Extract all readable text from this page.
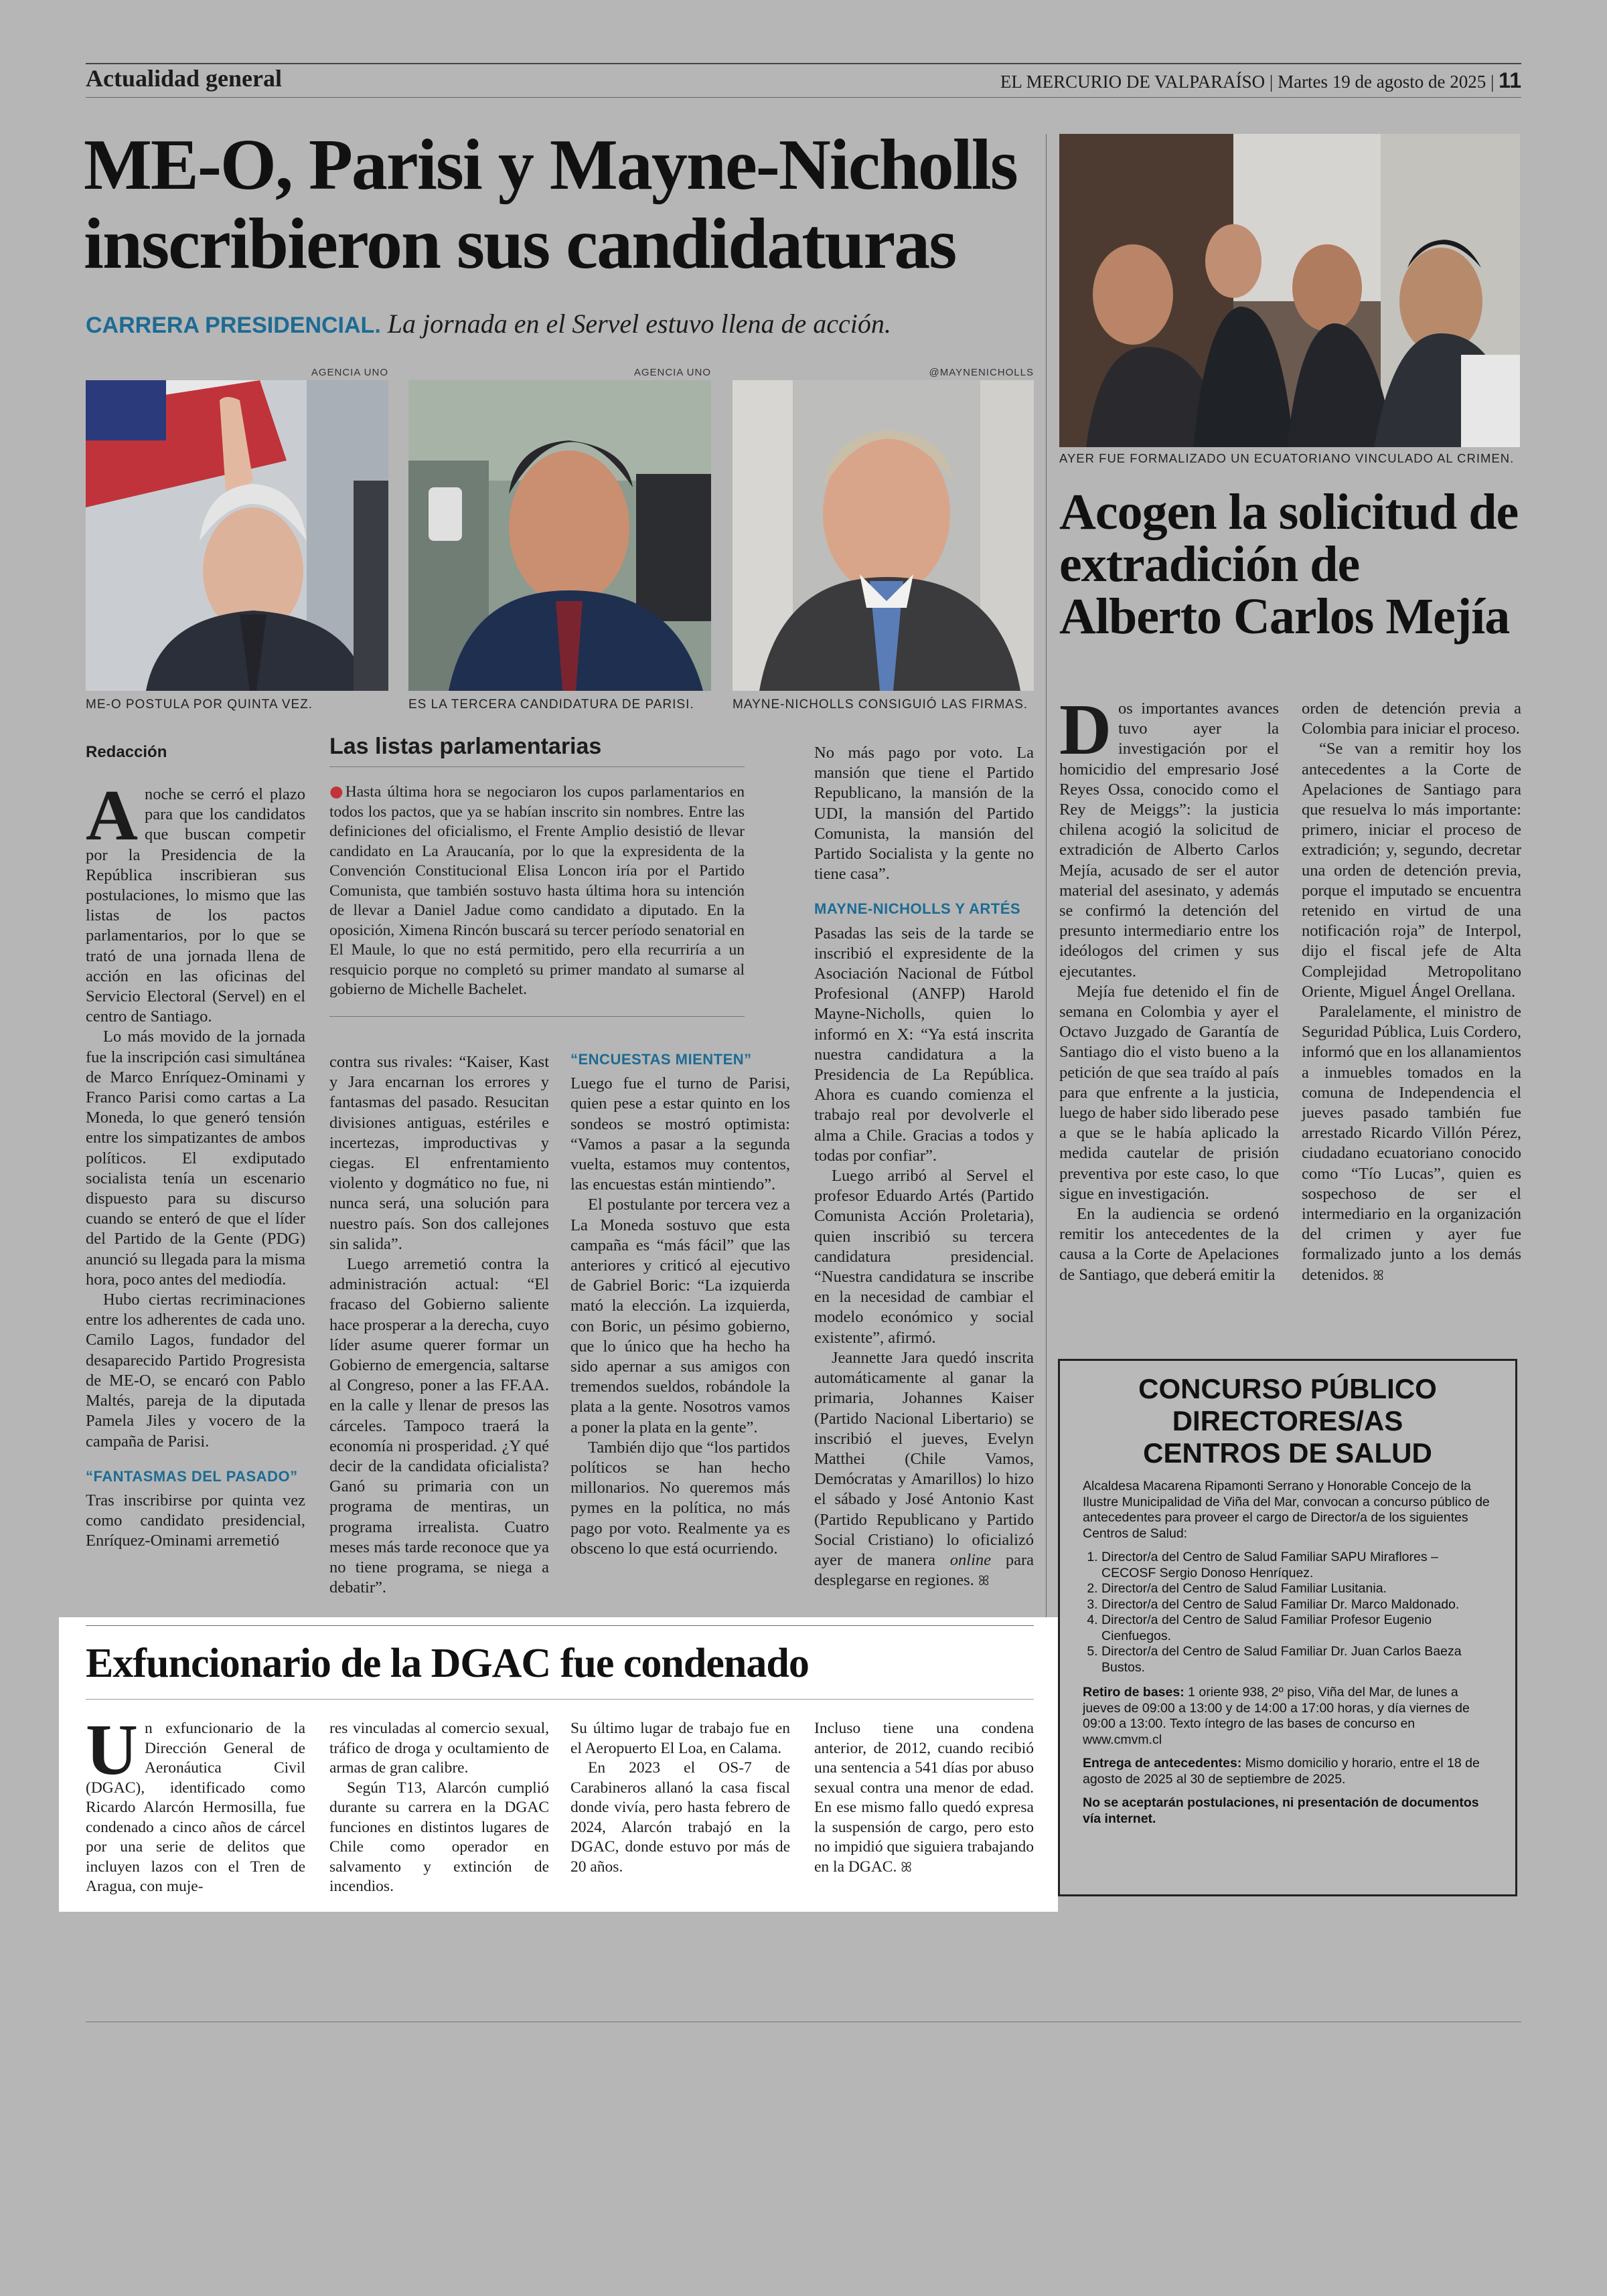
Actualidad general	EL MERCURIO DE VALPARAÍSO | Martes 19 de agosto de 2025 | 11
ME-O, Parisi y Mayne-Nicholls inscribieron sus candidaturas
CARRERA PRESIDENCIAL. La jornada en el Servel estuvo llena de acción.
AGENCIA UNO	AGENCIA UNO	@MAYNENICHOLLS
ME-O POSTULA POR QUINTA VEZ.	ES LA TERCERA CANDIDATURA DE PARISI.	MAYNE-NICHOLLS CONSIGUIÓ LAS FIRMAS.
Redacción

Anoche se cerró el plazo para que los candidatos que buscan competir por la Presidencia de la República inscribieran sus postulaciones, lo mismo que las listas de los pactos parlamentarios, por lo que se trató de una jornada llena de acción en las oficinas del Servicio Electoral (Servel) en el centro de Santiago.

Lo más movido de la jornada fue la inscripción casi simultánea de Marco Enríquez-Ominami y Franco Parisi como cartas a La Moneda, lo que generó tensión entre los simpatizantes de ambos políticos. El exdiputado socialista tenía un escenario dispuesto para su discurso cuando se enteró de que el líder del Partido de la Gente (PDG) anunció su llegada para la misma hora, poco antes del mediodía.

Hubo ciertas recriminaciones entre los adherentes de cada uno. Camilo Lagos, fundador del desaparecido Partido Progresista de ME-O, se encaró con Pablo Maltés, pareja de la diputada Pamela Jiles y vocero de la campaña de Parisi.

“FANTASMAS DEL PASADO”

Tras inscribirse por quinta vez como candidato presidencial, Enríquez-Ominami arremetió

Las listas parlamentarias

●Hasta última hora se negociaron los cupos parlamentarios en todos los pactos, que ya se habían inscrito sin nombres. Entre las definiciones del oficialismo, el Frente Amplio desistió de llevar candidato en La Araucanía, por lo que la expresidenta de la Convención Constitucional Elisa Loncon iría por el Partido Comunista, que también sostuvo hasta última hora su intención de llevar a Daniel Jadue como candidato a diputado. En la oposición, Ximena Rincón buscará su tercer período senatorial en El Maule, lo que no está permitido, pero ella recurriría a un resquicio porque no completó su primer mandato al sumarse al gobierno de Michelle Bachelet.

contra sus rivales: “Kaiser, Kast y Jara encarnan los errores y fantasmas del pasado. Resucitan divisiones antiguas, estériles e incertezas, improductivas y ciegas. El enfrentamiento violento y dogmático no fue, ni nunca será, una solución para nuestro país. Son dos callejones sin salida”.

Luego arremetió contra la administración actual: “El fracaso del Gobierno saliente hace prosperar a la derecha, cuyo líder asume querer formar un Gobierno de emergencia, saltarse al Congreso, poner a las FF.AA. en la calle y llenar de presos las cárceles. Tampoco traerá la economía ni prosperidad. ¿Y qué decir de la candidata oficialista? Ganó su primaria con un programa de mentiras, un programa irrealista. Cuatro meses más tarde reconoce que ya no tiene programa, se niega a debatir”.

“ENCUESTAS MIENTEN”

Luego fue el turno de Parisi, quien pese a estar quinto en los sondeos se mostró optimista: “Vamos a pasar a la segunda vuelta, estamos muy contentos, las encuestas están mintiendo”.

El postulante por tercera vez a La Moneda sostuvo que esta campaña es “más fácil” que las anteriores y criticó al ejecutivo de Gabriel Boric: “La izquierda mató la elección. La izquierda, con Boric, un pésimo gobierno, que lo único que ha hecho ha sido apernar a sus amigos con tremendos sueldos, robándole la plata a la gente. Nosotros vamos a poner la plata en la gente”.

También dijo que “los partidos políticos se han hecho millonarios. No queremos más pymes en la política, no más pago por voto. Realmente ya es obsceno lo que está ocurriendo.

No más pago por voto. La mansión que tiene el Partido Republicano, la mansión de la UDI, la mansión del Partido Comunista, la mansión del Partido Socialista y la gente no tiene casa”.

MAYNE-NICHOLLS Y ARTÉS

Pasadas las seis de la tarde se inscribió el expresidente de la Asociación Nacional de Fútbol Profesional (ANFP) Harold Mayne-Nicholls, quien lo informó en X: “Ya está inscrita nuestra candidatura a la Presidencia de La República. Ahora es cuando comienza el trabajo real por devolverle el alma a Chile. Gracias a todos y todas por confiar”.

Luego arribó al Servel el profesor Eduardo Artés (Partido Comunista Acción Proletaria), quien inscribió su tercera candidatura presidencial. “Nuestra candidatura se inscribe en la necesidad de cambiar el modelo económico y social existente”, afirmó.

Jeannette Jara quedó inscrita automáticamente al ganar la primaria, Johannes Kaiser (Partido Nacional Libertario) se inscribió el jueves, Evelyn Matthei (Chile Vamos, Demócratas y Amarillos) lo hizo el sábado y José Antonio Kast (Partido Republicano y Partido Social Cristiano) lo oficializó ayer de manera online para desplegarse en regiones. ꕤ

AYER FUE FORMALIZADO UN ECUATORIANO VINCULADO AL CRIMEN.
Acogen la solicitud de extradición de Alberto Carlos Mejía

Dos importantes avances tuvo ayer la investigación por el homicidio del empresario José Reyes Ossa, conocido como el Rey de Meiggs”: la justicia chilena acogió la solicitud de extradición de Alberto Carlos Mejía, acusado de ser el autor material del asesinato, y además se confirmó la detención del presunto intermediario entre los ideólogos del crimen y sus ejecutantes.

Mejía fue detenido el fin de semana en Colombia y ayer el Octavo Juzgado de Garantía de Santiago dio el visto bueno a la petición de que sea traído al país para que enfrente a la justicia, luego de haber sido liberado pese a que se le había aplicado la medida cautelar de prisión preventiva por este caso, lo que sigue en investigación.

En la audiencia se ordenó remitir los antecedentes de la causa a la Corte de Apelaciones de Santiago, que deberá emitir la

orden de detención previa a Colombia para iniciar el proceso.

“Se van a remitir hoy los antecedentes a la Corte de Apelaciones de Santiago para que resuelva lo más importante: primero, iniciar el proceso de extradición; y, segundo, decretar una orden de detención previa, porque el imputado se encuentra retenido en virtud de una notificación roja” de Interpol, dijo el fiscal jefe de Alta Complejidad Metropolitano Oriente, Miguel Ángel Orellana.

Paralelamente, el ministro de Seguridad Pública, Luis Cordero, informó que en los allanamientos a inmuebles tomados en la comuna de Independencia el jueves pasado también fue arrestado Ricardo Villón Pérez, ciudadano ecuatoriano conocido como “Tío Lucas”, quien es sospechoso de ser el intermediario en la organización del crimen y ayer fue formalizado junto a los demás detenidos. ꕤ

CONCURSO PÚBLICO DIRECTORES/AS CENTROS DE SALUD

Alcaldesa Macarena Ripamonti Serrano y Honorable Concejo de la Ilustre Municipalidad de Viña del Mar, convocan a concurso público de antecedentes para proveer el cargo de Director/a de los siguientes Centros de Salud:

1. Director/a del Centro de Salud Familiar SAPU Miraflores – CECOSF Sergio Donoso Henríquez.
2. Director/a del Centro de Salud Familiar Lusitania.
3. Director/a del Centro de Salud Familiar Dr. Marco Maldonado.
4. Director/a del Centro de Salud Familiar Profesor Eugenio Cienfuegos.
5. Director/a del Centro de Salud Familiar Dr. Juan Carlos Baeza Bustos.

Retiro de bases: 1 oriente 938, 2º piso, Viña del Mar, de lunes a jueves de 09:00 a 13:00 y de 14:00 a 17:00 horas, y día viernes de 09:00 a 13:00. Texto íntegro de las bases de concurso en www.cmvm.cl

Entrega de antecedentes: Mismo domicilio y horario, entre el 18 de agosto de 2025 al 30 de septiembre de 2025.

No se aceptarán postulaciones, ni presentación de documentos vía internet.

Exfuncionario de la DGAC fue condenado

Un exfuncionario de la Dirección General de Aeronáutica Civil (DGAC), identificado como Ricardo Alarcón Hermosilla, fue condenado a cinco años de cárcel por una serie de delitos que incluyen lazos con el Tren de Aragua, con muje-

res vinculadas al comercio sexual, tráfico de droga y ocultamiento de armas de gran calibre.

Según T13, Alarcón cumplió durante su carrera en la DGAC funciones en distintos lugares de Chile como operador en salvamento y extinción de incendios.

Su último lugar de trabajo fue en el Aeropuerto El Loa, en Calama.

En 2023 el OS-7 de Carabineros allanó la casa fiscal donde vivía, pero hasta febrero de 2024, Alarcón trabajó en la DGAC, donde estuvo por más de 20 años.

Incluso tiene una condena anterior, de 2012, cuando recibió una sentencia a 541 días por abuso sexual contra una menor de edad. En ese mismo fallo quedó expresa la suspensión de cargo, pero esto no impidió que siguiera trabajando en la DGAC. ꕤ
